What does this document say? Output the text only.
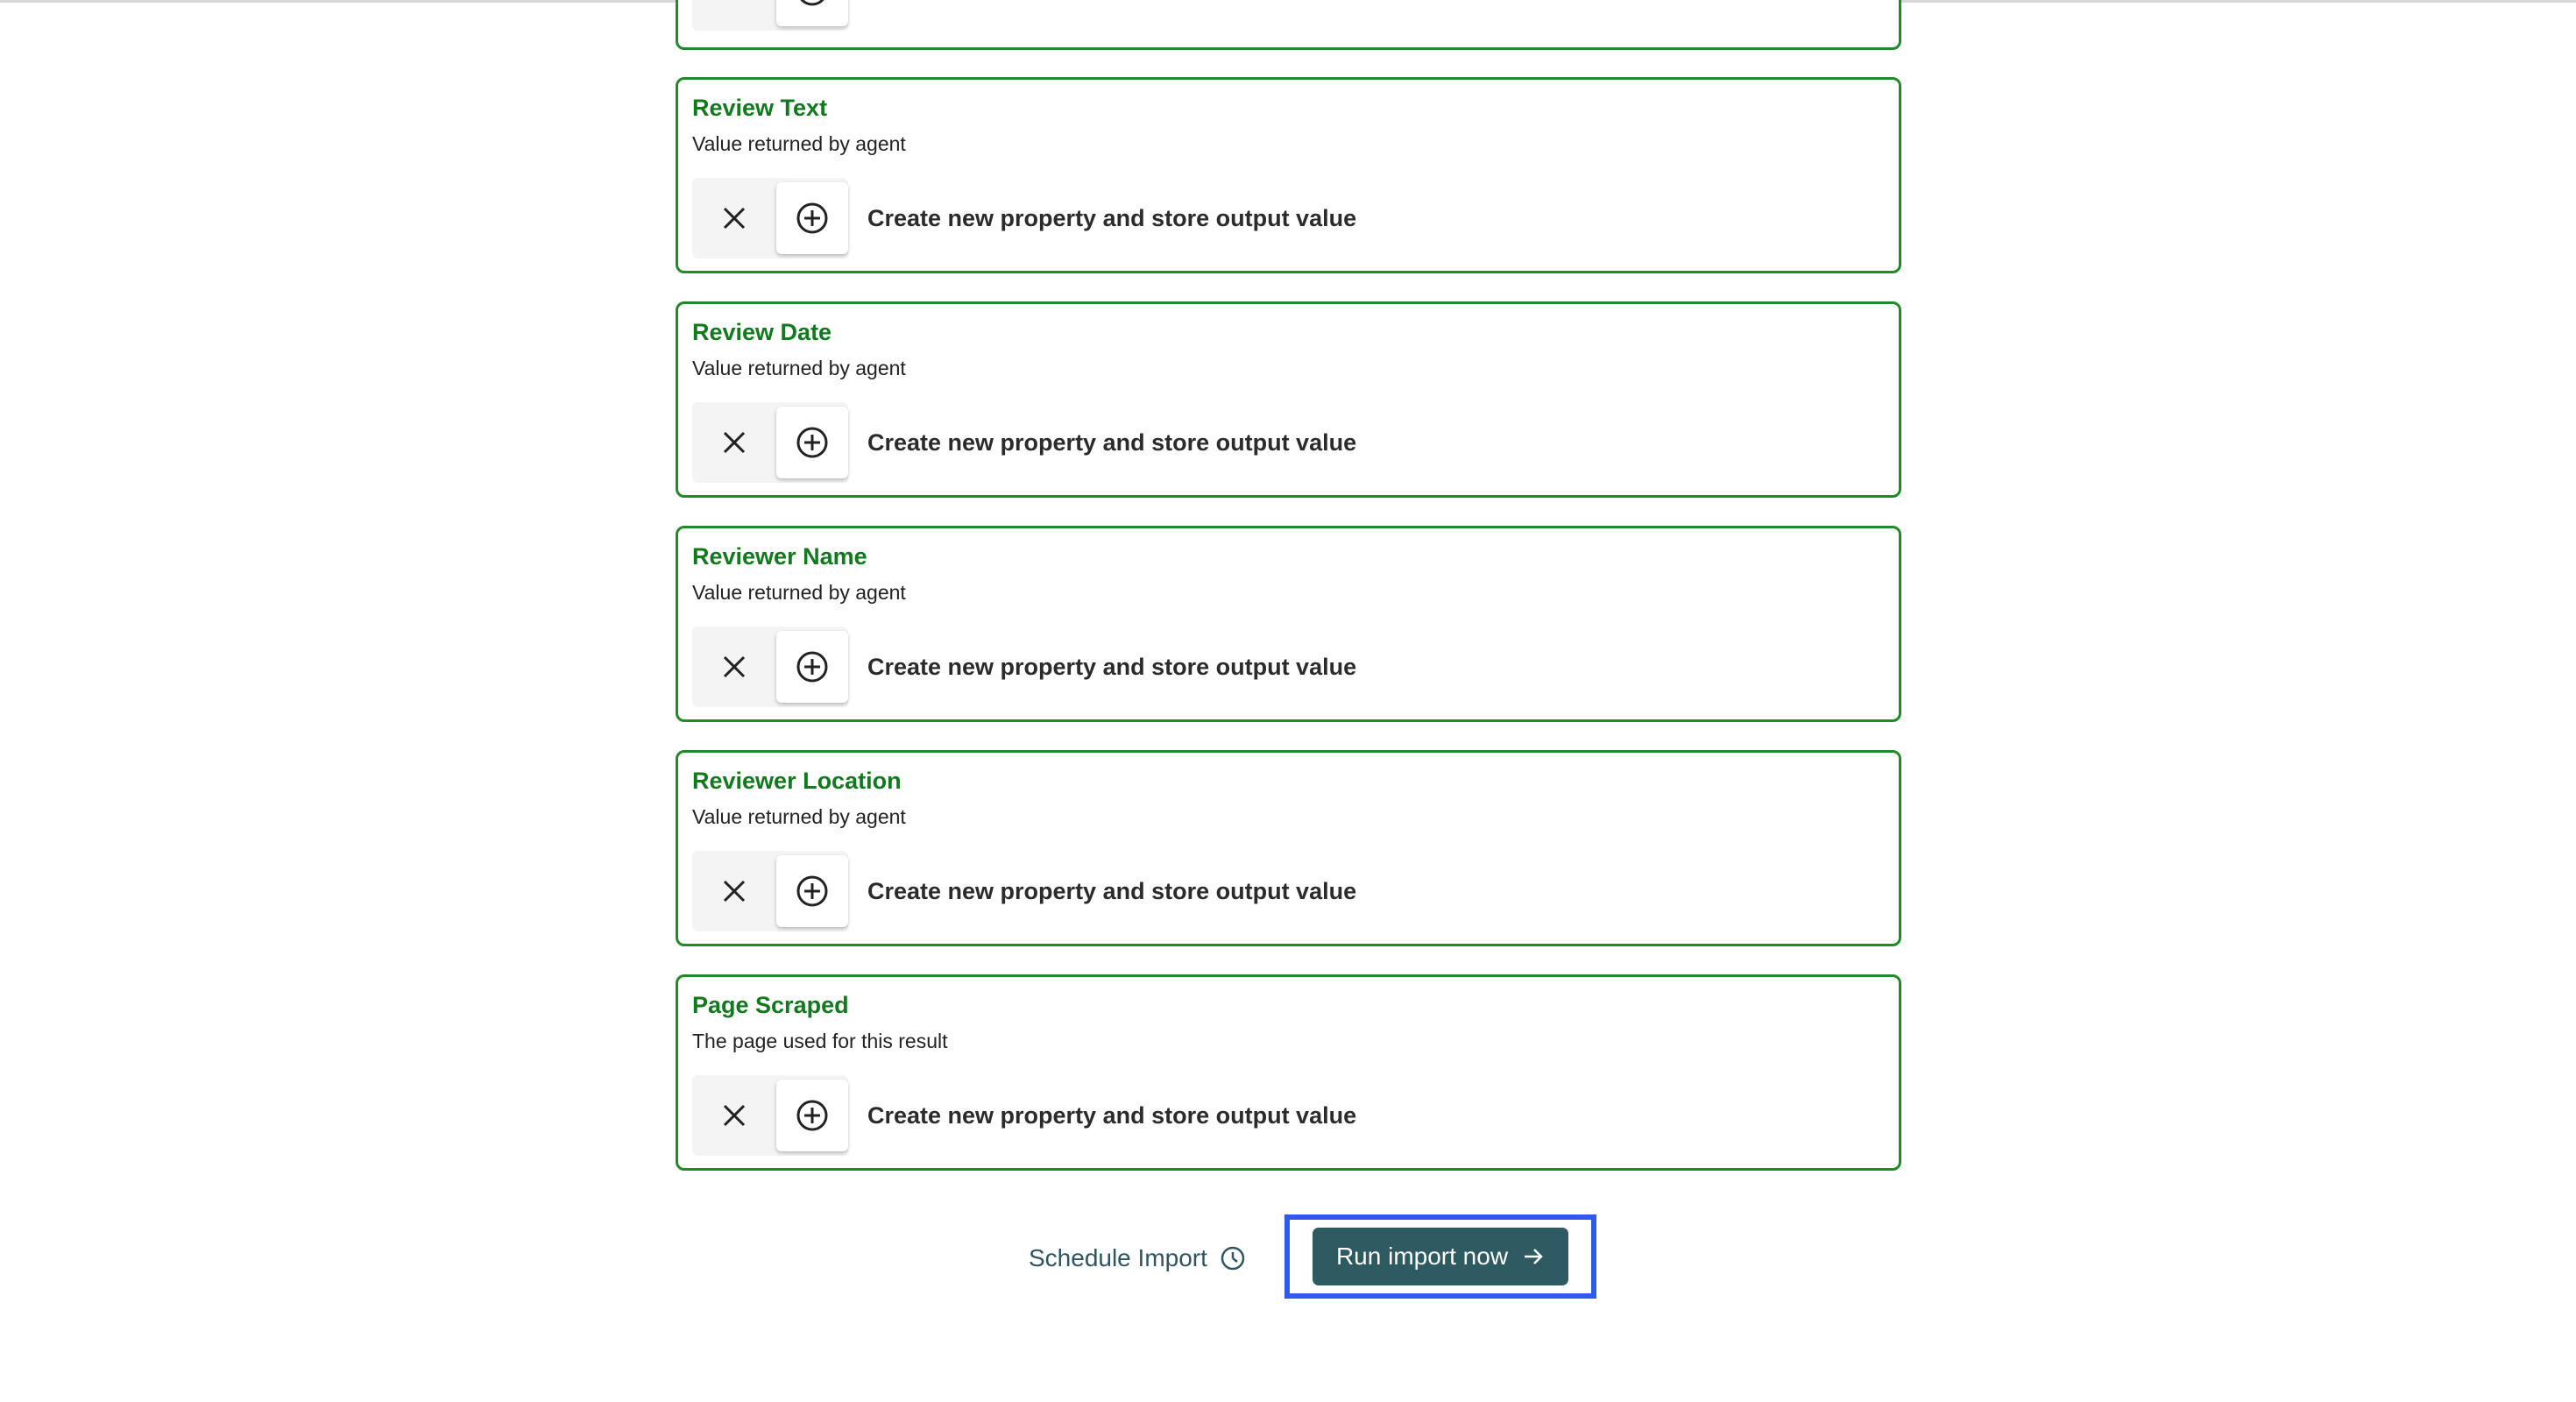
Review Text
Value returned by agent
Create new property and store output value
Review Date
Value returned by agent
Create new property and store output value
Reviewer Name
Value returned by agent
Create new property and store output value
Reviewer Location
Value returned by agent
Create new property and store output value
Page Scraped
The page used for this result
Create new property and store output value
Schedule Import	Run import now
